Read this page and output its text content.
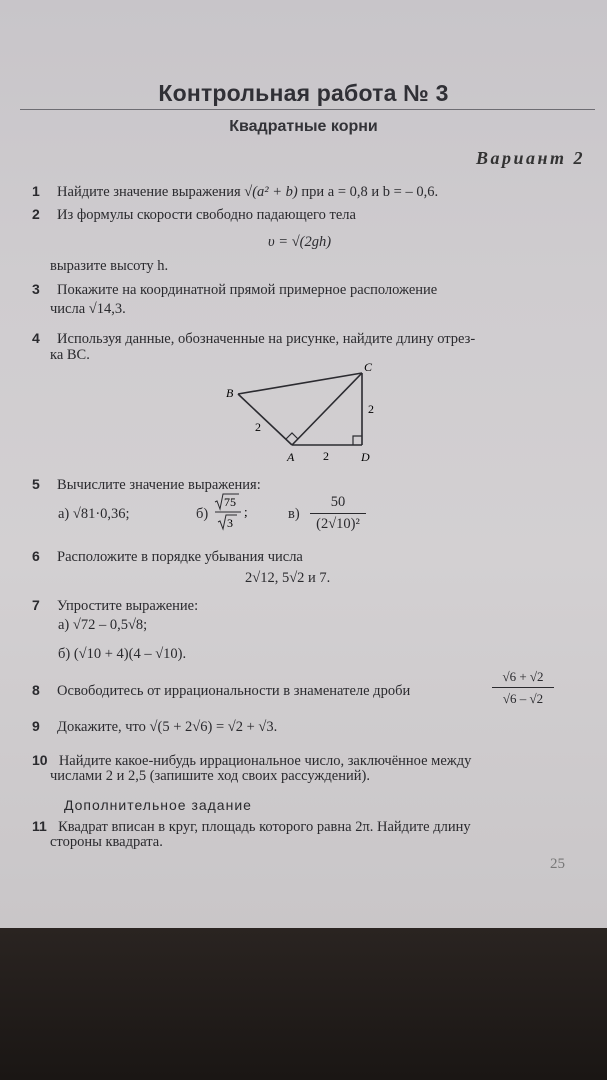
Контрольная работа № 3
Квадратные корни
Вариант 2
1 Найдите значение выражения √(a² + b) при a = 0,8 и b = – 0,6.
2 Из формулы скорости свободно падающего тела
υ = √(2gh)
выразите высоту h.
3 Покажите на координатной прямой примерное расположение
числа √14,3.
4 Используя данные, обозначенные на рисунке, найдите длину отрез-
ка BC.
B
C
A	D
2
2
2
5 Вычислите значение выражения:
а) √81·0,36;	б)
75
3
;	в)
50
(2√10)²
6 Расположите в порядке убывания числа
2√12, 5√2 и 7.
7 Упростите выражение:
а) √72 – 0,5√8;
б) (√10 + 4)(4 – √10).
8 Освободитесь от иррациональности в знаменателе дроби
√6 + √2
√6 – √2
9 Докажите, что √(5 + 2√6) = √2 + √3.
10 Найдите какое-нибудь иррациональное число, заключённое между
числами 2 и 2,5 (запишите ход своих рассуждений).
Дополнительное задание
11 Квадрат вписан в круг, площадь которого равна 2π. Найдите длину
стороны квадрата.
25
